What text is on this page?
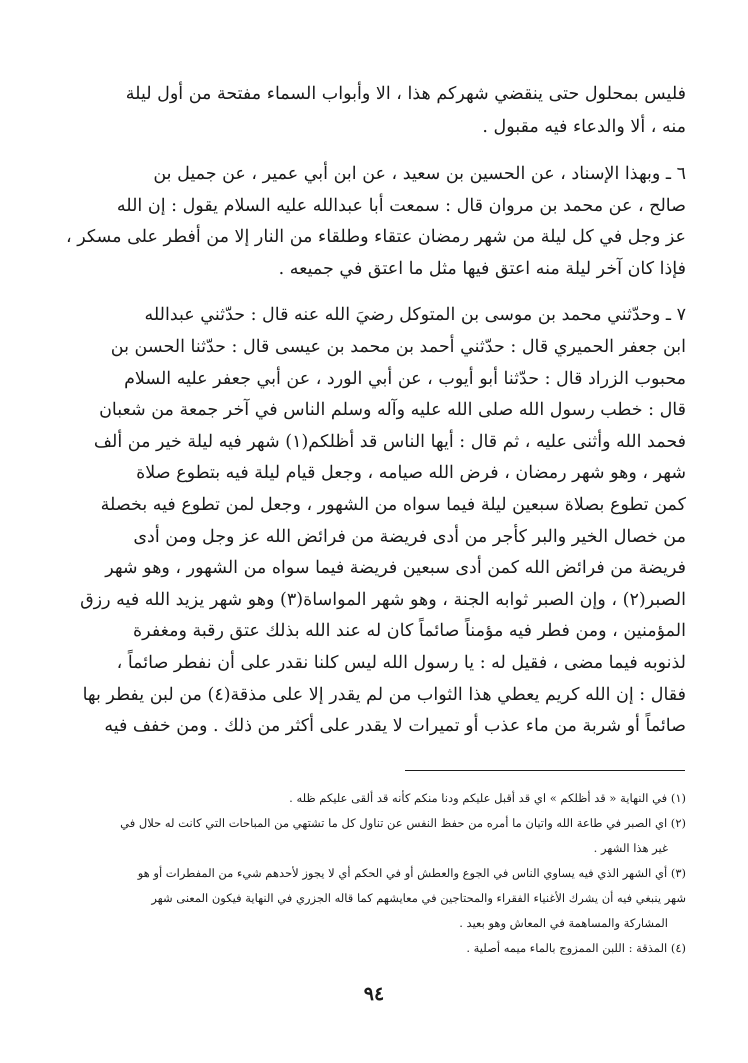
فليس بمحلول حتى ينقضي شهركم هذا ، الا وأبواب السماء مفتحة من أول ليلة
منه ، ألا والدعاء فيه مقبول .
٦ ـ وبهذا الإسناد ، عن الحسين بن سعيد ، عن ابن أبي عمير ، عن جميل بن
صالح ، عن محمد بن مروان قال : سمعت أبا عبدالله عليه السلام يقول : إن الله
عز وجل في كل ليلة من شهر رمضان عتقاء وطلقاء من النار إلا من أفطر على مسكر ،
فإذا كان آخر ليلة منه اعتق فيها مثل ما اعتق في جميعه .
٧ ـ وحدّثني محمد بن موسى بن المتوكل رضيَ الله عنه قال : حدّثني عبدالله
ابن جعفر الحميري قال : حدّثني أحمد بن محمد بن عيسى قال : حدّثنا الحسن بن
محبوب الزراد قال : حدّثنا أبو أيوب ، عن أبي الورد ، عن أبي جعفر عليه السلام
قال : خطب رسول الله صلى الله عليه وآله وسلم الناس في آخر جمعة من شعبان
فحمد الله وأثنى عليه ، ثم قال : أيها الناس قد أظلكم(١) شهر فيه ليلة خير من ألف
شهر ، وهو شهر رمضان ، فرض الله صيامه ، وجعل قيام ليلة فيه بتطوع صلاة
كمن تطوع بصلاة سبعين ليلة فيما سواه من الشهور ، وجعل لمن تطوع فيه بخصلة
من خصال الخير والبر كأجر من أدى فريضة من فرائض الله عز وجل ومن أدى
فريضة من فرائض الله كمن أدى سبعين فريضة فيما سواه من الشهور ، وهو شهر
الصبر(٢) ، وإن الصبر ثوابه الجنة ، وهو شهر المواساة(٣) وهو شهر يزيد الله فيه رزق
المؤمنين ، ومن فطر فيه مؤمناً صائماً كان له عند الله بذلك عتق رقبة ومغفرة
لذنوبه فيما مضى ، فقيل له : يا رسول الله ليس كلنا نقدر على أن نفطر صائماً ،
فقال : إن الله كريم يعطي هذا الثواب من لم يقدر إلا على مذقة(٤) من لبن يفطر بها
صائماً أو شربة من ماء عذب أو تميرات لا يقدر على أكثر من ذلك . ومن خفف فيه
(١) في النهاية « قد أظلكم » اي قد أقبل عليكم ودنا منكم كأنه قد ألقى عليكم ظله .
(٢) اي الصبر في طاعة الله واتيان ما أمره من حفظ النفس عن تناول كل ما تشتهي من المباحات التي كانت له حلال في
غير هذا الشهر .
(٣) أي الشهر الذي فيه يساوي الناس في الجوع والعطش أو في الحكم أي لا يجوز لأحدهم شيء من المفطرات أو هو
شهر ينبغي فيه أن يشرك الأغنياء الفقراء والمحتاجين في معايشهم كما قاله الجزري في النهاية فيكون المعنى شهر
المشاركة والمساهمة في المعاش وهو بعيد .
(٤) المذقة : اللبن الممزوج بالماء ميمه أصلية .
٩٤
